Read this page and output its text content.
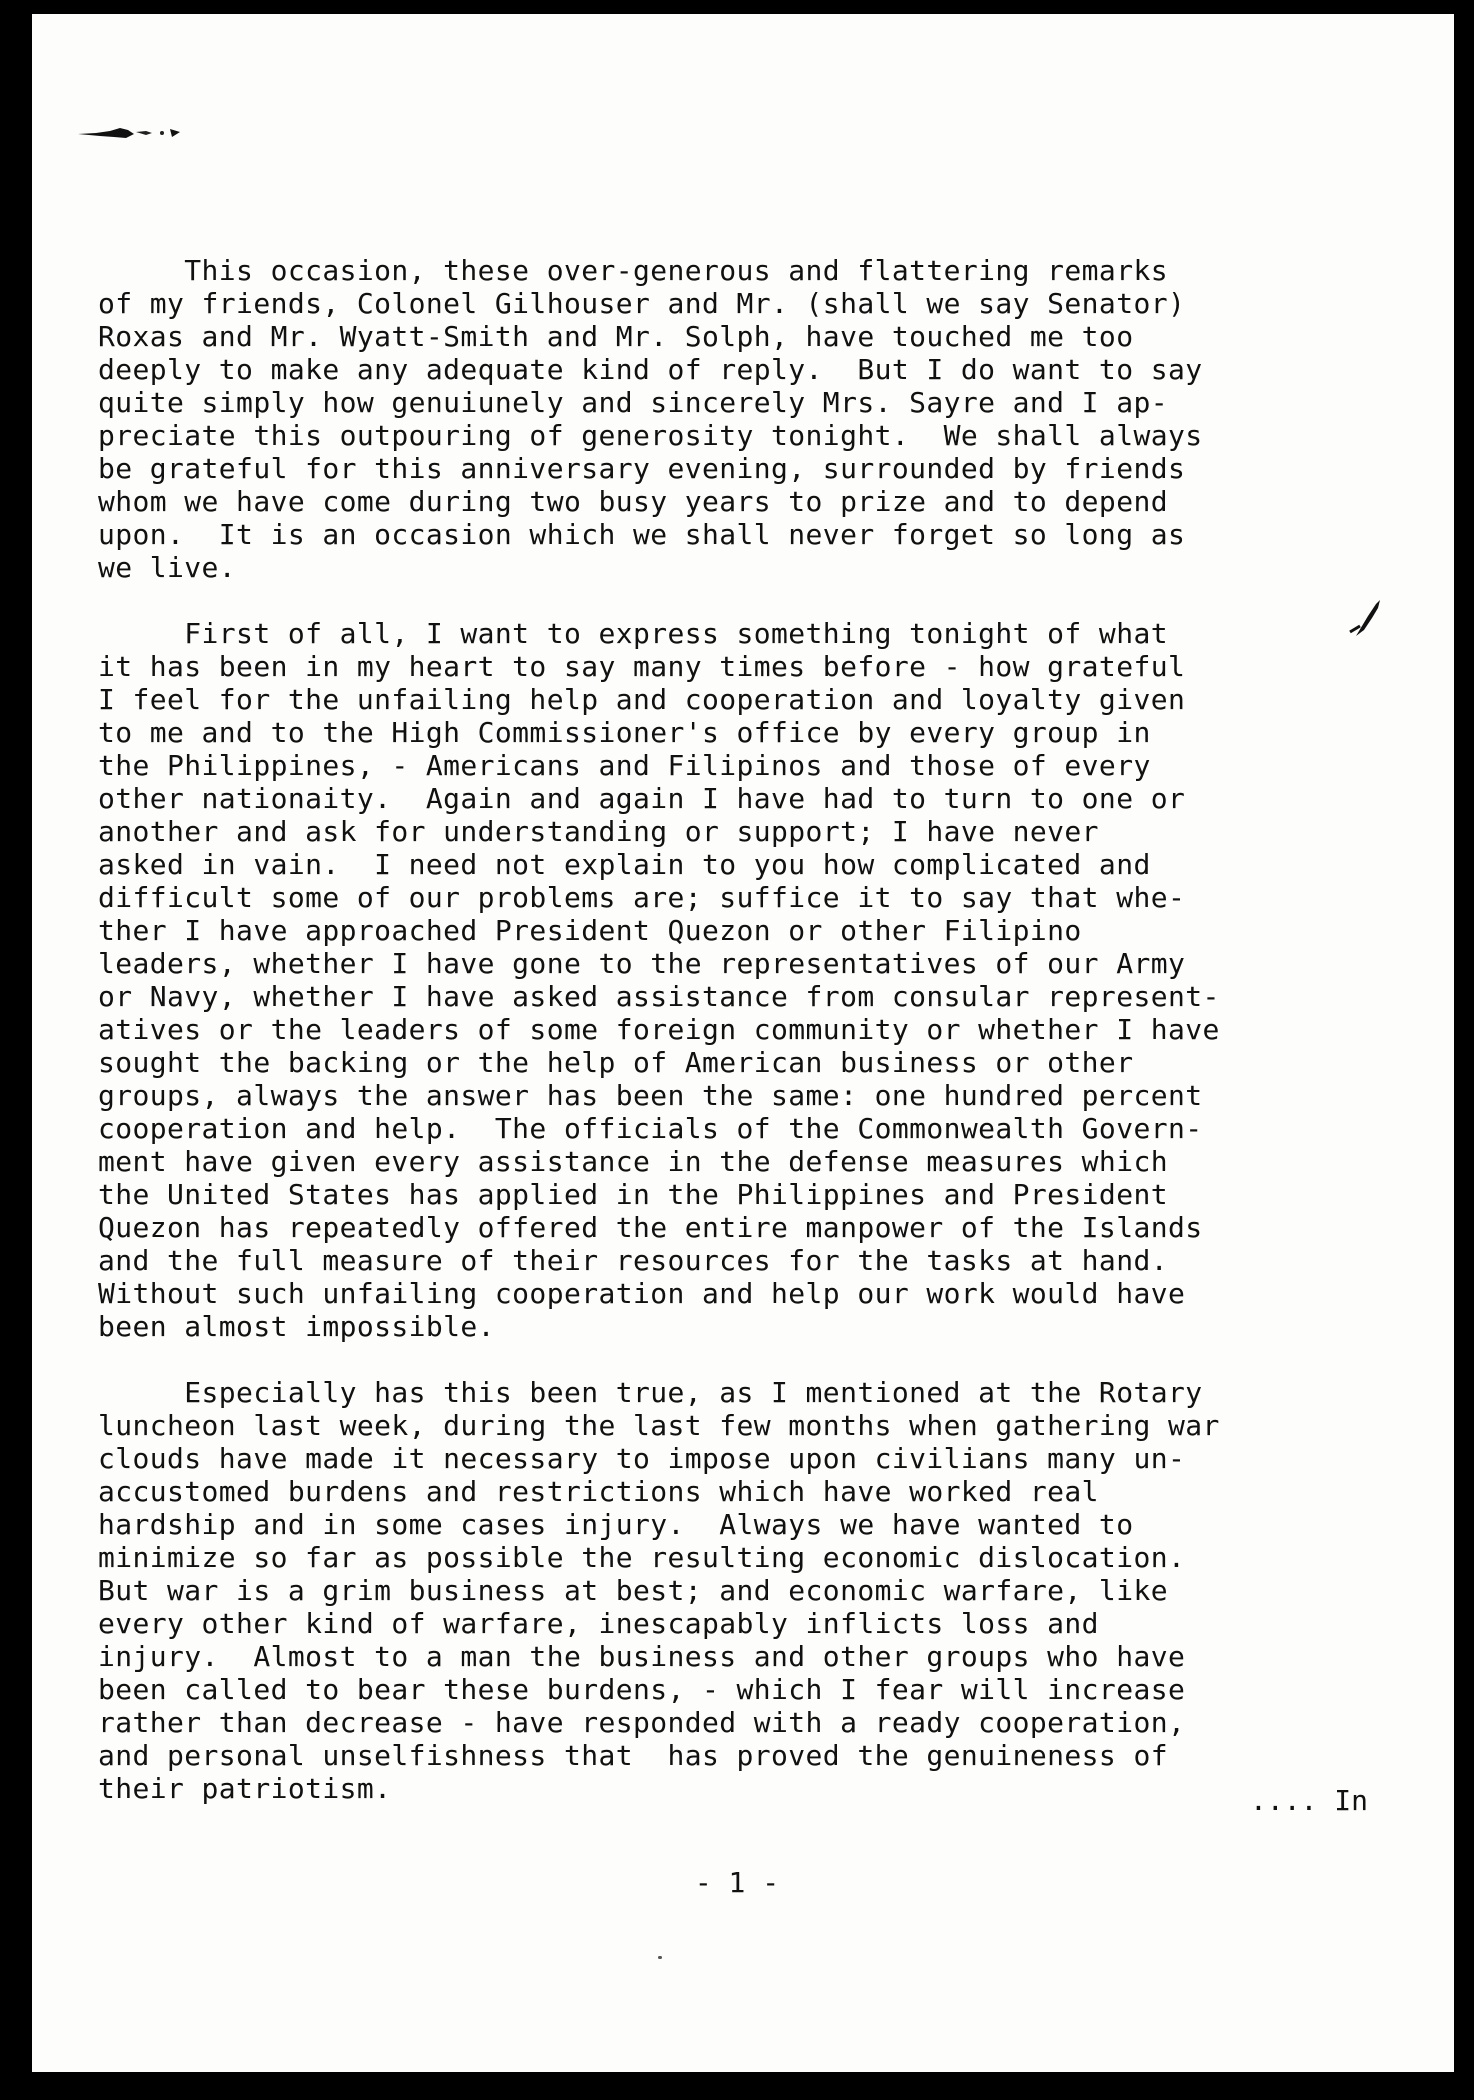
This occasion, these over-generous and flattering remarks
of my friends, Colonel Gilhouser and Mr. (shall we say Senator)
Roxas and Mr. Wyatt-Smith and Mr. Solph, have touched me too
deeply to make any adequate kind of reply.  But I do want to say
quite simply how genuiunely and sincerely Mrs. Sayre and I ap-
preciate this outpouring of generosity tonight.  We shall always
be grateful for this anniversary evening, surrounded by friends
whom we have come during two busy years to prize and to depend
upon.  It is an occasion which we shall never forget so long as
we live.

First of all, I want to express something tonight of what
it has been in my heart to say many times before - how grateful
I feel for the unfailing help and cooperation and loyalty given
to me and to the High Commissioner's office by every group in
the Philippines, - Americans and Filipinos and those of every
other nationaity.  Again and again I have had to turn to one or
another and ask for understanding or support; I have never
asked in vain.  I need not explain to you how complicated and
difficult some of our problems are; suffice it to say that whe-
ther I have approached President Quezon or other Filipino
leaders, whether I have gone to the representatives of our Army
or Navy, whether I have asked assistance from consular represent-
atives or the leaders of some foreign community or whether I have
sought the backing or the help of American business or other
groups, always the answer has been the same: one hundred percent
cooperation and help.  The officials of the Commonwealth Govern-
ment have given every assistance in the defense measures which
the United States has applied in the Philippines and President
Quezon has repeatedly offered the entire manpower of the Islands
and the full measure of their resources for the tasks at hand.
Without such unfailing cooperation and help our work would have
been almost impossible.

Especially has this been true, as I mentioned at the Rotary
luncheon last week, during the last few months when gathering war
clouds have made it necessary to impose upon civilians many un-
accustomed burdens and restrictions which have worked real
hardship and in some cases injury.  Always we have wanted to
minimize so far as possible the resulting economic dislocation.
But war is a grim business at best; and economic warfare, like
every other kind of warfare, inescapably inflicts loss and
injury.  Almost to a man the business and other groups who have
been called to bear these burdens, - which I fear will increase
rather than decrease - have responded with a ready cooperation,
and personal unselfishness that  has proved the genuineness of
their patriotism.	.... In
- 1 -
